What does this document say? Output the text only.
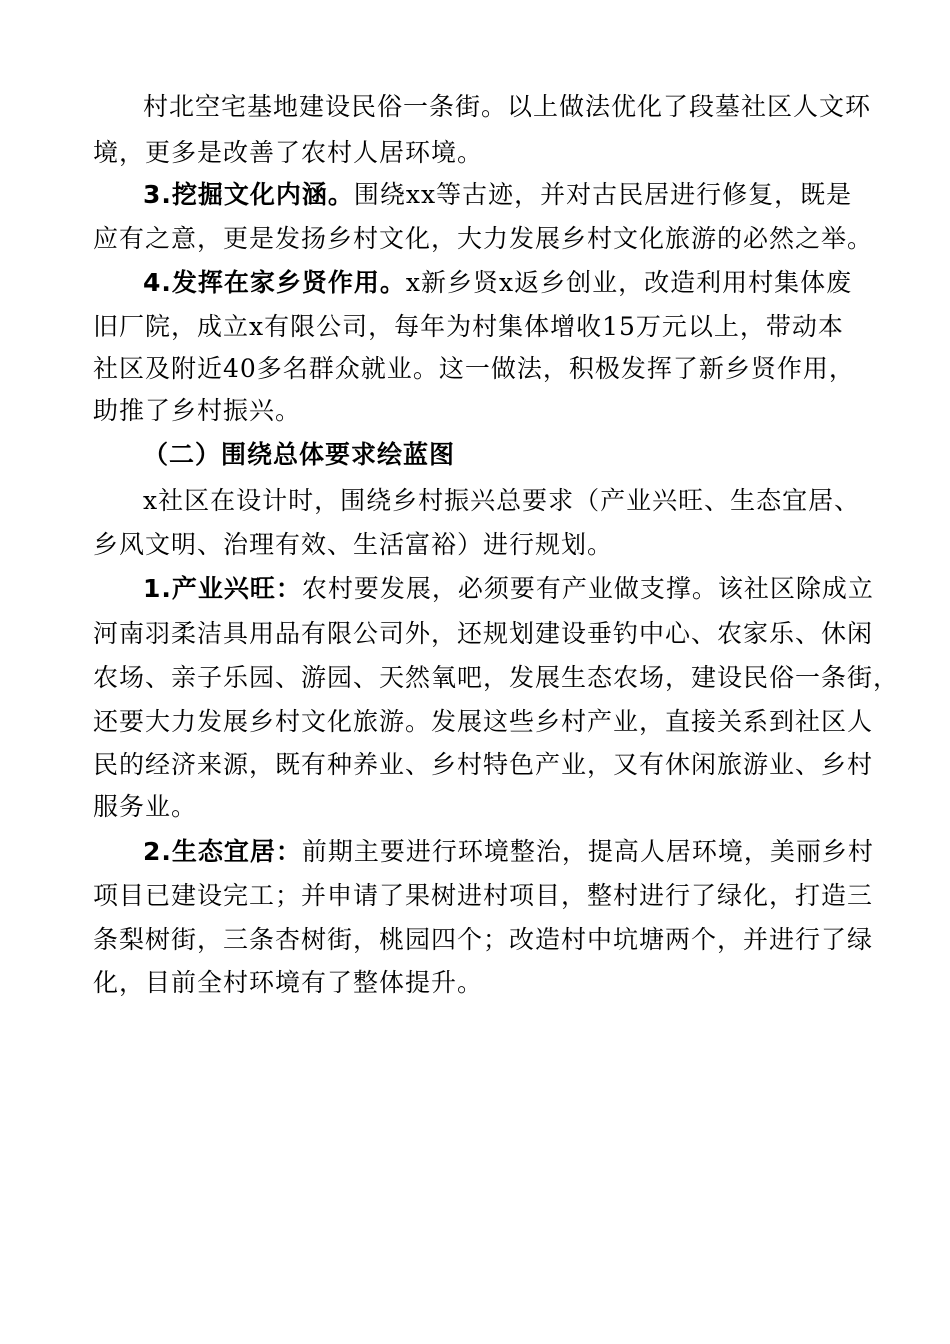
村北空宅基地建设民俗一条街。以上做法优化了段墓社区人文环
境，更多是改善了农村人居环境。
3.挖掘文化内涵。围绕xx等古迹，并对古民居进行修复，既是
应有之意，更是发扬乡村文化，大力发展乡村文化旅游的必然之举。
4.发挥在家乡贤作用。x新乡贤x返乡创业，改造利用村集体废
旧厂院，成立x有限公司，每年为村集体增收15万元以上，带动本
社区及附近40多名群众就业。这一做法，积极发挥了新乡贤作用，
助推了乡村振兴。
（二）围绕总体要求绘蓝图
x社区在设计时，围绕乡村振兴总要求（产业兴旺、生态宜居、
乡风文明、治理有效、生活富裕）进行规划。
1.产业兴旺：农村要发展，必须要有产业做支撑。该社区除成立
河南羽柔洁具用品有限公司外，还规划建设垂钓中心、农家乐、休闲
农场、亲子乐园、游园、天然氧吧，发展生态农场，建设民俗一条街，
还要大力发展乡村文化旅游。发展这些乡村产业，直接关系到社区人
民的经济来源，既有种养业、乡村特色产业，又有休闲旅游业、乡村
服务业。
2.生态宜居：前期主要进行环境整治，提高人居环境，美丽乡村
项目已建设完工；并申请了果树进村项目，整村进行了绿化，打造三
条梨树街，三条杏树街，桃园四个；改造村中坑塘两个，并进行了绿
化，目前全村环境有了整体提升。
